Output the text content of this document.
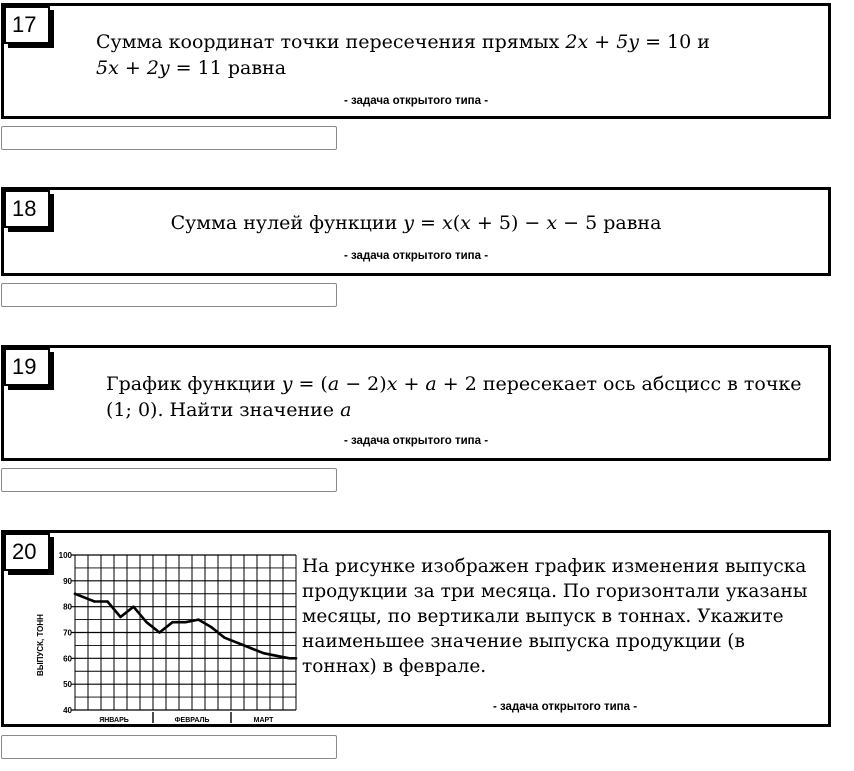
17
Сумма координат точки пересечения прямых 2x + 5y = 10 и
5x + 2y = 11 равна
- задача открытого типа -
18
Сумма нулей функции y = x(x + 5) − x − 5 равна
- задача открытого типа -
19
График функции y = (a − 2)x + a + 2 пересекает ось абсцисс в точке
(1; 0). Найти значение a
- задача открытого типа -
40
50
60
70
80
90
100
ВЫПУСК, ТОНН
ЯНВАРЬ	ФЕВРАЛЬ	МАРТ
20
На рисунке изображен график изменения выпуска продукции за три месяца. По горизонтали указаны месяцы, по вертикали выпуск в тоннах. Укажите наименьшее значение выпуска продукции (в тоннах) в феврале.
- задача открытого типа -
